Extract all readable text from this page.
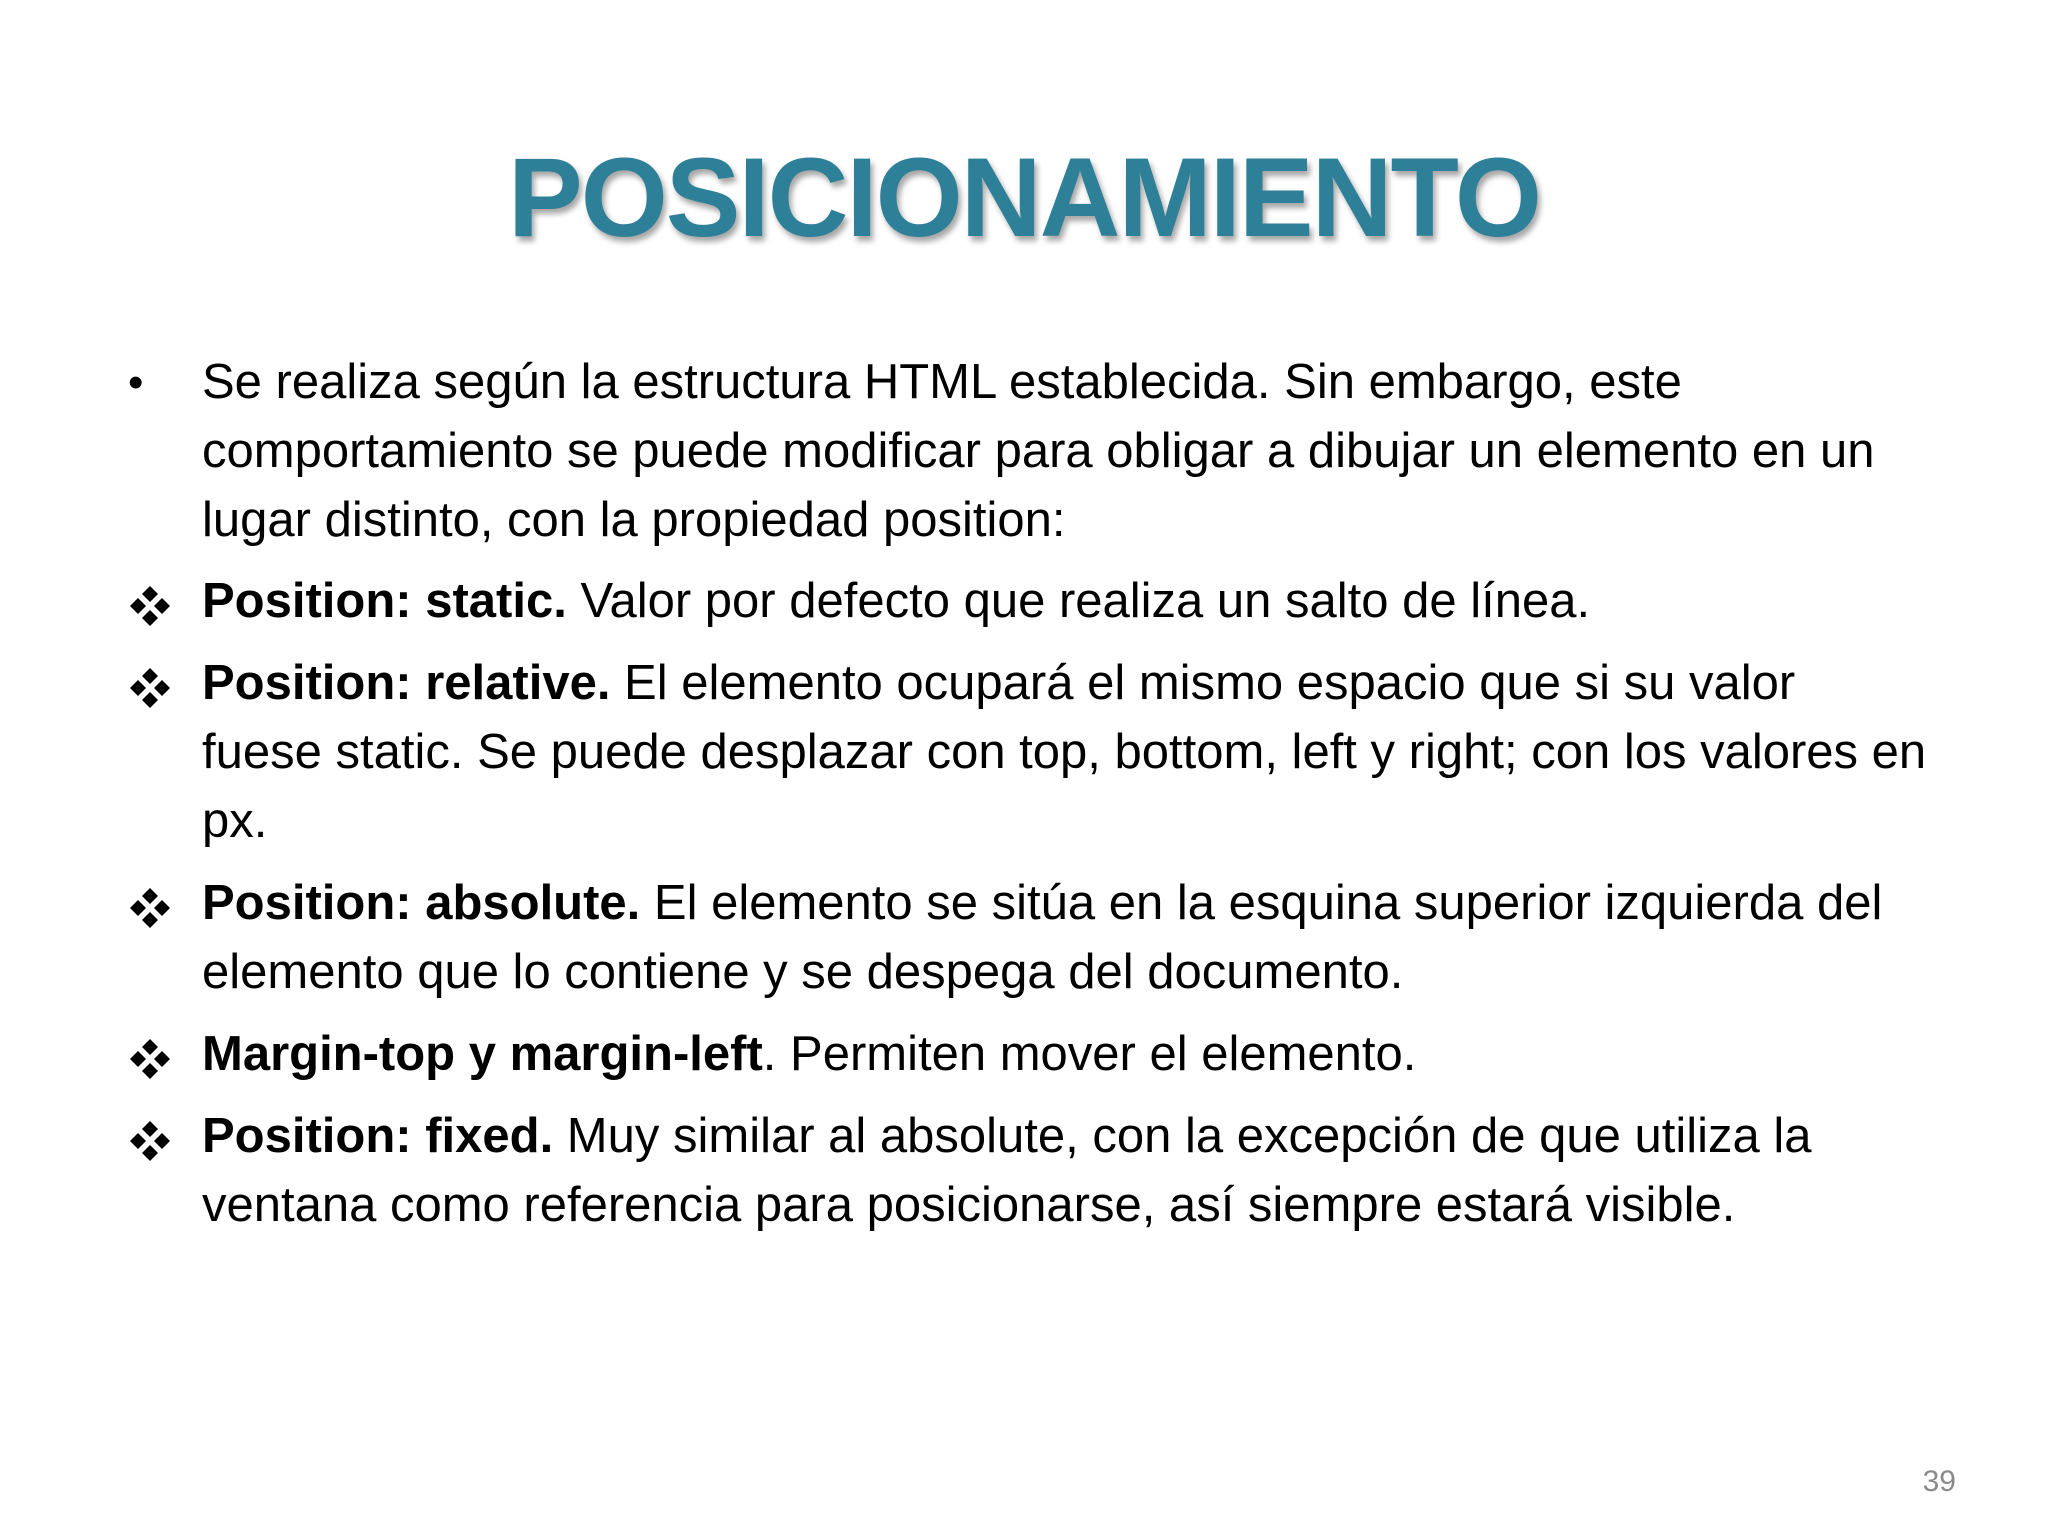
POSICIONAMIENTO
•	Se realiza según la estructura HTML establecida. Sin embargo, este comportamiento se puede modificar para obligar a dibujar un elemento en un lugar distinto, con la propiedad position:
Position: static. Valor por defecto que realiza un salto de línea.
Position: relative. El elemento ocupará el mismo espacio que si su valor fuese static. Se puede desplazar con top, bottom, left y right; con los valores en px.
Position: absolute. El elemento se sitúa en la esquina superior izquierda del elemento que lo contiene y se despega del documento.
Margin-top y margin-left. Permiten mover el elemento.
Position: fixed. Muy similar al absolute, con la excepción de que utiliza la ventana como referencia para posicionarse, así siempre estará visible.
39
